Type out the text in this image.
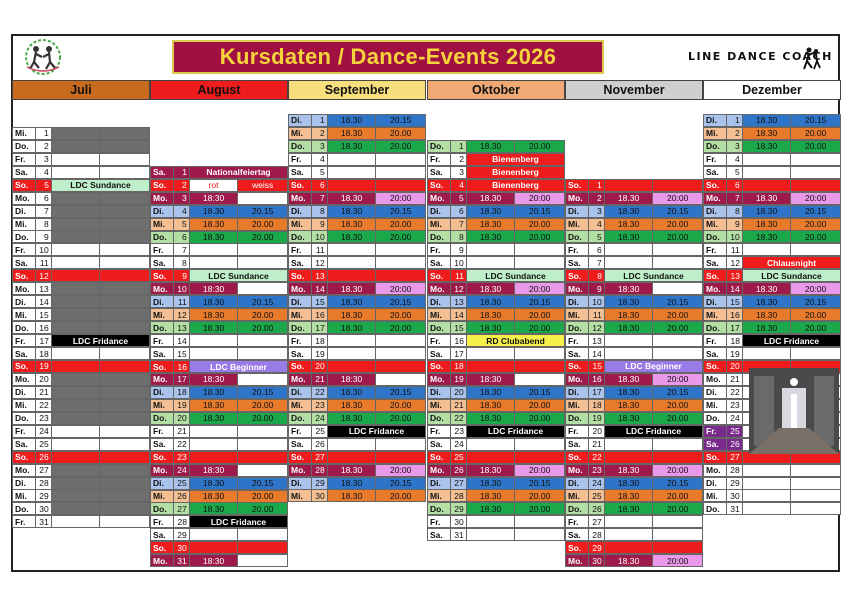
Kursdaten / Dance-Events 2026	LINE DANCE COACH
Juli	August	September	Oktober	November	Dezember
Mi.	1
Do.	2
Fr.	3
Sa.	4
So.	5	LDC Sundance
Mo.	6
Di.	7
Mi.	8
Do.	9
Fr.	10
Sa.	11
So.	12
Mo.	13
Di.	14
Mi.	15
Do.	16
Fr.	17	LDC Fridance
Sa.	18
So.	19
Mo.	20
Di.	21
Mi.	22
Do.	23
Fr.	24
Sa.	25
So.	26
Mo.	27
Di.	28
Mi.	29
Do.	30
Fr.	31
Sa.	1	Nationalfeiertag
So.	2	rot	weiss
Mo.	3	18:30
Di.	4	18.30	20.15
Mi.	5	18.30	20.00
Do.	6	18.30	20.00
Fr.	7
Sa.	8
So.	9	LDC Sundance
Mo.	10	18:30
Di.	11	18.30	20.15
Mi.	12	18.30	20.00
Do.	13	18.30	20.00
Fr.	14
Sa.	15
So.	16	LDC Beginner
Mo.	17	18:30
Di.	18	18.30	20.15
Mi.	19	18.30	20.00
Do.	20	18.30	20.00
Fr.	21
Sa.	22
So.	23
Mo.	24	18:30
Di.	25	18.30	20.15
Mi.	26	18.30	20.00
Do.	27	18.30	20.00
Fr.	28	LDC Fridance
Sa.	29
So.	30
Mo.	31	18:30
Di.	1	18.30	20.15
Mi.	2	18.30	20.00
Do.	3	18.30	20.00
Fr.	4
Sa.	5
So.	6
Mo.	7	18.30	20:00
Di.	8	18.30	20.15
Mi.	9	18.30	20.00
Do.	10	18.30	20.00
Fr.	11
Sa.	12
So.	13
Mo.	14	18.30	20:00
Di.	15	18.30	20.15
Mi.	16	18.30	20.00
Do.	17	18.30	20.00
Fr.	18
Sa.	19
So.	20
Mo.	21	18:30
Di.	22	18.30	20.15
Mi.	23	18.30	20.00
Do.	24	18.30	20.00
Fr.	25	LDC Fridance
Sa.	26
So.	27
Mo.	28	18.30	20:00
Di.	29	18.30	20.15
Mi.	30	18.30	20.00
Do.	1	18.30	20.00
Fr.	2	Bienenberg
Sa.	3	Bienenberg
So.	4	Bienenberg
Mo.	5	18.30	20:00
Di.	6	18.30	20.15
Mi.	7	18.30	20.00
Do.	8	18.30	20.00
Fr.	9
Sa.	10
So.	11	LDC Sundance
Mo.	12	18.30	20:00
Di.	13	18.30	20.15
Mi.	14	18.30	20.00
Do.	15	18.30	20.00
Fr.	16	RD Clubabend
Sa.	17
So.	18
Mo.	19	18:30
Di.	20	18.30	20.15
Mi.	21	18.30	20.00
Do.	22	18.30	20.00
Fr.	23	LDC Fridance
Sa.	24
So.	25
Mo.	26	18.30	20:00
Di.	27	18.30	20.15
Mi.	28	18.30	20.00
Do.	29	18.30	20.00
Fr.	30
Sa.	31
So.	1
Mo.	2	18.30	20:00
Di.	3	18.30	20.15
Mi.	4	18.30	20.00
Do.	5	18.30	20.00
Fr.	6
Sa.	7
So.	8	LDC Sundance
Mo.	9	18:30
Di.	10	18.30	20.15
Mi.	11	18.30	20.00
Do.	12	18.30	20.00
Fr.	13
Sa.	14
So.	15	LDC Beginner
Mo.	16	18.30	20:00
Di.	17	18.30	20.15
Mi.	18	18.30	20.00
Do.	19	18.30	20.00
Fr.	20	LDC Fridance
Sa.	21
So.	22
Mo.	23	18.30	20:00
Di.	24	18.30	20.15
Mi.	25	18.30	20.00
Do.	26	18.30	20.00
Fr.	27
Sa.	28
So.	29
Mo.	30	18.30	20:00
Di.	1	18.30	20.15
Mi.	2	18.30	20.00
Do.	3	18.30	20.00
Fr.	4
Sa.	5
So.	6
Mo.	7	18.30	20:00
Di.	8	18.30	20.15
Mi.	9	18.30	20.00
Do.	10	18.30	20.00
Fr.	11
Sa.	12	Chlausnight
So.	13	LDC Sundance
Mo.	14	18.30	20:00
Di.	15	18.30	20.15
Mi.	16	18.30	20.00
Do.	17	18.30	20.00
Fr.	18	LDC Fridance
Sa.	19
So.	20
Mo.	21
Di.	22
Mi.	23
Do.	24
Fr.	25
Sa.	26
So.	27
Mo.	28
Di.	29
Mi.	30
Do.	31
